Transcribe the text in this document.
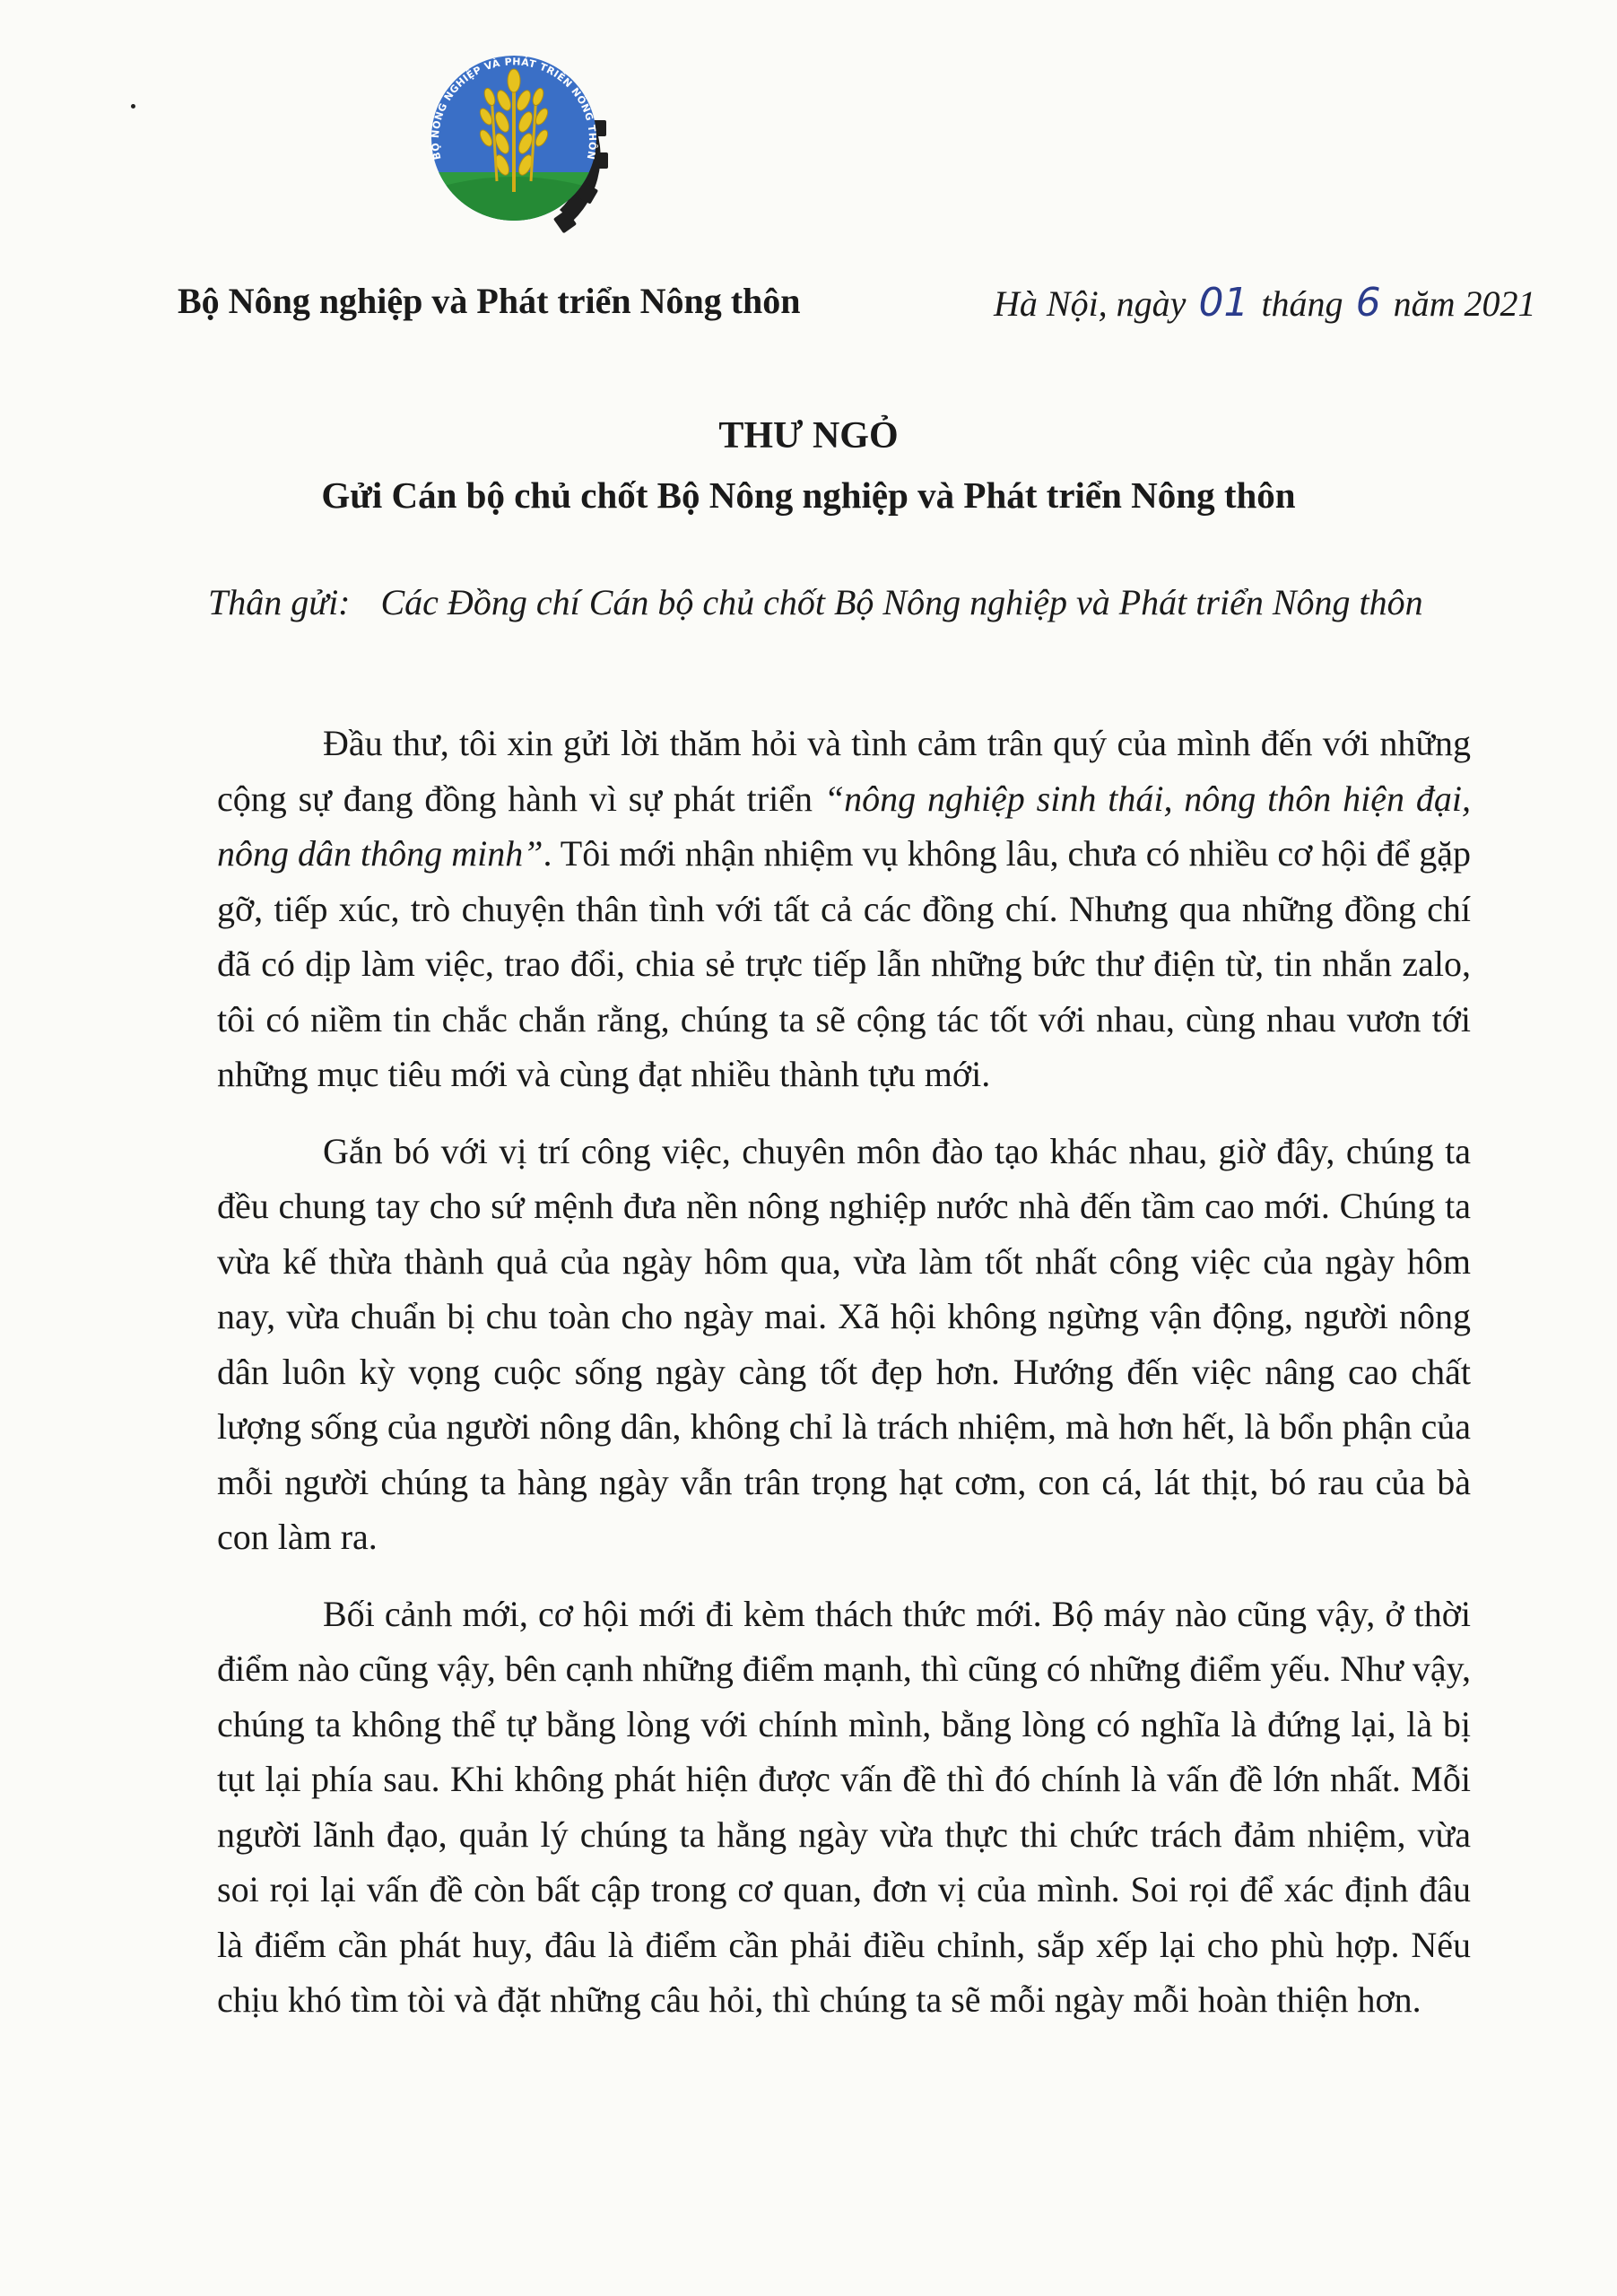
BỘ NÔNG NGHIỆP VÀ PHÁT TRIỂN NÔNG THÔN
Bộ Nông nghiệp và Phát triển Nông thôn	Hà Nội, ngày 01 tháng 6 năm 2021
THƯ NGỎ
Gửi Cán bộ chủ chốt Bộ Nông nghiệp và Phát triển Nông thôn
Thân gửi: Các Đồng chí Cán bộ chủ chốt Bộ Nông nghiệp và Phát triển Nông thôn

Đầu thư, tôi xin gửi lời thăm hỏi và tình cảm trân quý của mình đến với những cộng sự đang đồng hành vì sự phát triển “nông nghiệp sinh thái, nông thôn hiện đại, nông dân thông minh”. Tôi mới nhận nhiệm vụ không lâu, chưa có nhiều cơ hội để gặp gỡ, tiếp xúc, trò chuyện thân tình với tất cả các đồng chí. Nhưng qua những đồng chí đã có dịp làm việc, trao đổi, chia sẻ trực tiếp lẫn những bức thư điện từ, tin nhắn zalo, tôi có niềm tin chắc chắn rằng, chúng ta sẽ cộng tác tốt với nhau, cùng nhau vươn tới những mục tiêu mới và cùng đạt nhiều thành tựu mới.

Gắn bó với vị trí công việc, chuyên môn đào tạo khác nhau, giờ đây, chúng ta đều chung tay cho sứ mệnh đưa nền nông nghiệp nước nhà đến tầm cao mới. Chúng ta vừa kế thừa thành quả của ngày hôm qua, vừa làm tốt nhất công việc của ngày hôm nay, vừa chuẩn bị chu toàn cho ngày mai. Xã hội không ngừng vận động, người nông dân luôn kỳ vọng cuộc sống ngày càng tốt đẹp hơn. Hướng đến việc nâng cao chất lượng sống của người nông dân, không chỉ là trách nhiệm, mà hơn hết, là bổn phận của mỗi người chúng ta hàng ngày vẫn trân trọng hạt cơm, con cá, lát thịt, bó rau của bà con làm ra.

Bối cảnh mới, cơ hội mới đi kèm thách thức mới. Bộ máy nào cũng vậy, ở thời điểm nào cũng vậy, bên cạnh những điểm mạnh, thì cũng có những điểm yếu. Như vậy, chúng ta không thể tự bằng lòng với chính mình, bằng lòng có nghĩa là đứng lại, là bị tụt lại phía sau. Khi không phát hiện được vấn đề thì đó chính là vấn đề lớn nhất. Mỗi người lãnh đạo, quản lý chúng ta hằng ngày vừa thực thi chức trách đảm nhiệm, vừa soi rọi lại vấn đề còn bất cập trong cơ quan, đơn vị của mình. Soi rọi để xác định đâu là điểm cần phát huy, đâu là điểm cần phải điều chỉnh, sắp xếp lại cho phù hợp. Nếu chịu khó tìm tòi và đặt những câu hỏi, thì chúng ta sẽ mỗi ngày mỗi hoàn thiện hơn.
